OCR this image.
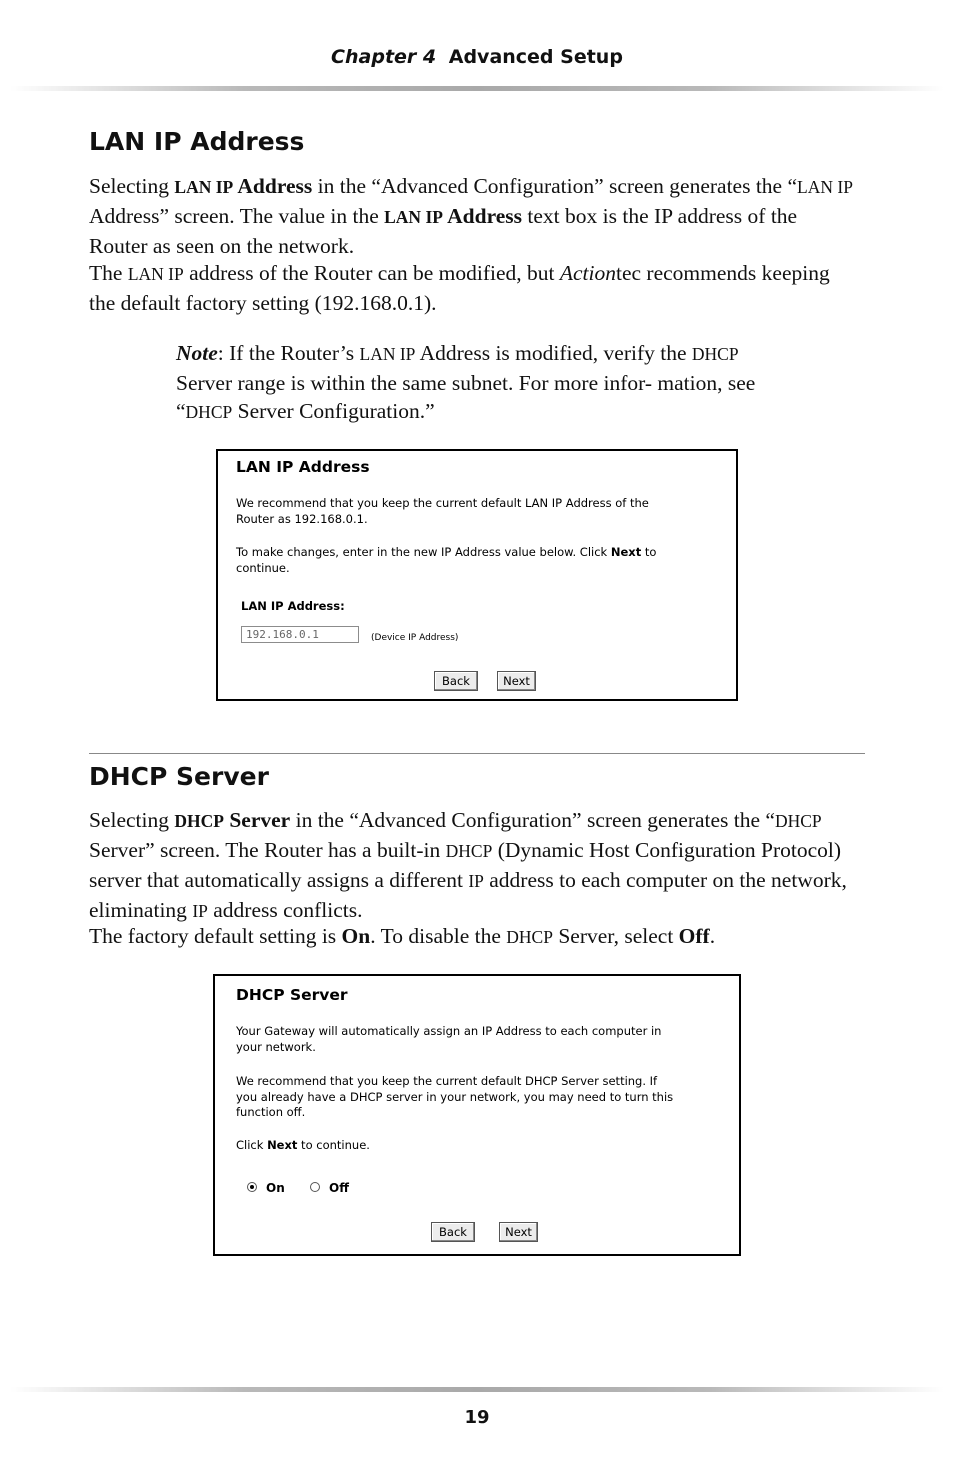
Chapter 4 Advanced Setup
LAN IP Address

Selecting LAN IP Address in the “Advanced Configuration” screen generates the “LAN IP Address” screen. The value in the LAN IP Address text box is the IP address of the Router as seen on the network.

The LAN IP address of the Router can be modified, but Actiontec recommends keeping the default factory setting (192.168.0.1).

Note: If the Router’s LAN IP Address is modified, verify the DHCP Server range is within the same subnet. For more infor- mation, see “DHCP Server Configuration.”

LAN IP Address

We recommend that you keep the current default LAN IP Address of the
Router as 192.168.0.1.

To make changes, enter in the new IP Address value below. Click Next to
continue.

LAN IP Address:

192.168.0.1	(Device IP Address)
Back	Next
DHCP Server

Selecting DHCP Server in the “Advanced Configuration” screen generates the “DHCP Server” screen. The Router has a built-in DHCP (Dynamic Host Configuration Protocol) server that automatically assigns a different IP address to each computer on the network, eliminating IP address conflicts.

The factory default setting is On. To disable the DHCP Server, select Off.

DHCP Server

Your Gateway will automatically assign an IP Address to each computer in
your network.

We recommend that you keep the current default DHCP Server setting. If
you already have a DHCP server in your network, you may need to turn this
function off.

Click Next to continue.

On	Off
Back	Next
19
